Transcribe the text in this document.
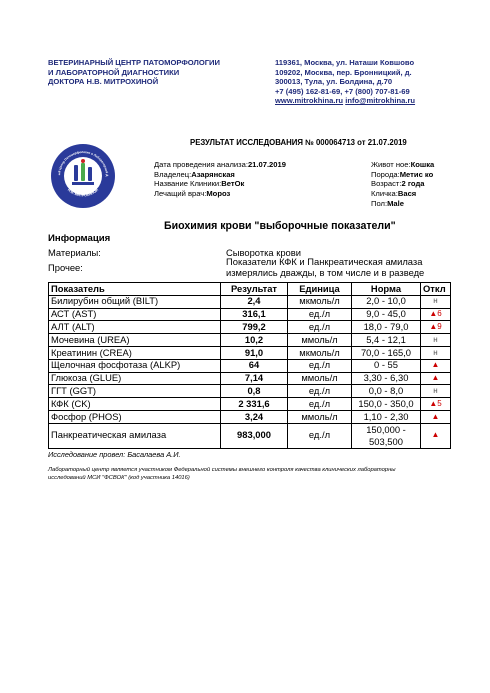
ВЕТЕРИНАРНЫЙ ЦЕНТР ПАТОМОРФОЛОГИИ
И ЛАБОРАТОРНОЙ ДИАГНОСТИКИ
ДОКТОРА Н.В. МИТРОХИНОЙ
119361, Москва, ул. Наташи Ковшово
109202, Москва, пер. Бронницкий, д.
300013, Тула, ул. Болдина, д.70
+7 (495) 162-81-69, +7 (800) 707-81-69
www.mitrokhina.ru info@mitrokhina.ru
РЕЗУЛЬТАТ ИССЛЕДОВАНИЯ № 000064713 от 21.07.2019
ый Центр Патоморфологии и Лабораторной Д
Н.В. МИТРОХИНОЙ
Дата проведения анализа:21.07.2019
Владелец:Азарянская
Название Клиники:ВетОк
Лечащий врач:Мороз
Живот ное:Кошка
Порода:Метис ко
Возраст:2 года
Кличка:Вася
Пол:Male
Биохимия крови "выборочные показатели"
Информация
Материалы:	Сыворотка крови
Прочее:
Показатели КФК и Панкреатическая амилаза
измерялись дважды, в том числе и в разведе
Показатель	Результат	Единица	Норма	Откл
Билирубин общий (BILT)	2,4	мкмоль/л	2,0 - 10,0	н
АСТ (AST)	316,1	ед./л	9,0 - 45,0	▲6
АЛТ (ALT)	799,2	ед./л	18,0 - 79,0	▲9
Мочевина (UREA)	10,2	ммоль/л	5,4 - 12,1	н
Креатинин (CREA)	91,0	мкмоль/л	70,0 - 165,0	н
Щелочная фосфотаза (ALKP)	64	ед./л	0 - 55	▲
Глюкоза (GLUE)	7,14	ммоль/л	3,30 - 6,30	▲
ГГТ (GGT)	0,8	ед./л	0,0 - 8,0	н
КФК (CK)	2 331,6	ед./л	150,0 - 350,0	▲5
Фосфор (PHOS)	3,24	ммоль/л	1,10 - 2,30	▲
Панкреатическая амилаза	983,000	ед./л	150,000 - 503,500	▲
Исследование провел: Басалаева А.И.
Лабораторный центр является участником Федеральной системы внешнего контроля качества клинических лабораторны
исследований МСИ "ФСВОК" (код участника 14016)
